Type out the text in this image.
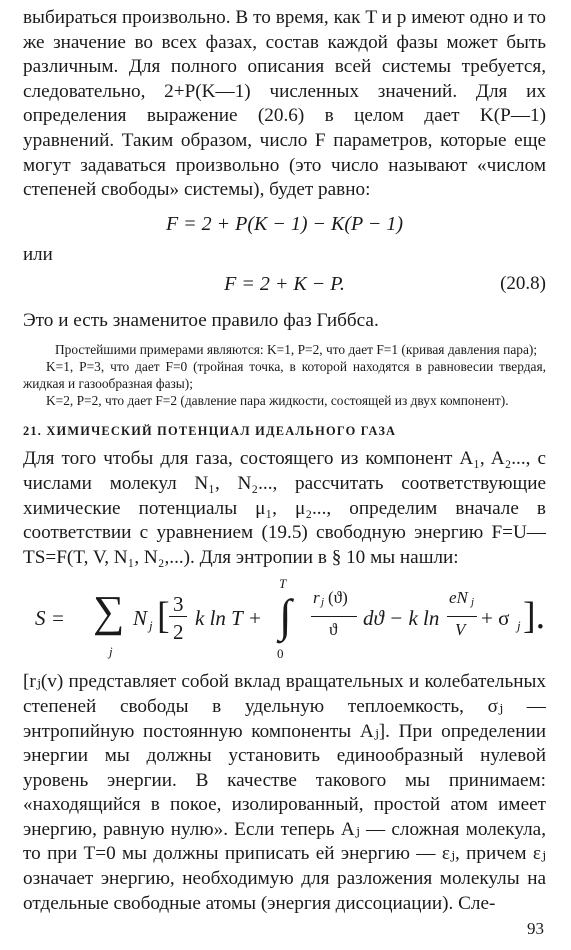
выбираться произвольно. В то время, как T и p имеют одно и то же значение во всех фазах, состав каждой фазы может быть различным. Для полного описания всей системы требуется, следовательно, 2+P(K—1) численных значений. Для их определения выражение (20.6) в целом дает K(P—1) уравнений. Таким образом, число F параметров, которые еще могут задаваться произвольно (это число называют «числом степеней свободы» системы), будет равно:

F = 2 + P(K − 1) − K(P − 1)

или

F = 2 + K − P.	(20.8)

Это и есть знаменитое правило фаз Гиббса.

Простейшими примерами являются: K=1, P=2, что дает F=1 (кривая давления пара);

K=1, P=3, что дает F=0 (тройная точка, в которой находятся в равновесии твердая, жидкая и газообразная фазы);

K=2, P=2, что дает F=2 (давление пара жидкости, состоящей из двух компонент).

21. ХИМИЧЕСКИЙ ПОТЕНЦИАЛ ИДЕАЛЬНОГО ГАЗА

Для того чтобы для газа, состоящего из компонент A₁, A₂..., с числами молекул N₁, N₂..., рассчитать соответствующие химические потенциалы μ₁, μ₂..., определим вначале в соответствии с уравнением (19.5) свободную энергию F=U—TS=F(T, V, N₁, N₂,...). Для энтропии в § 10 мы нашли:

S = ∑
j
N j [ 3
2
k ln T + ∫
T
0
r j (ϑ)
ϑ dϑ − k ln
eN j
V + σ j ].

[rⱼ(v) представляет собой вклад вращательных и колебательных степеней свободы в удельную теплоемкость, σⱼ — энтропийную постоянную компоненты Aⱼ]. При определении энергии мы должны установить единообразный нулевой уровень энергии. В качестве такового мы принимаем: «находящийся в покое, изолированный, простой атом имеет энергию, равную нулю». Если теперь Aⱼ — сложная молекула, то при T=0 мы должны приписать ей энергию — εⱼ, причем εⱼ означает энергию, необходимую для разложения молекулы на отдельные свободные атомы (энергия диссоциации). Сле-

93
